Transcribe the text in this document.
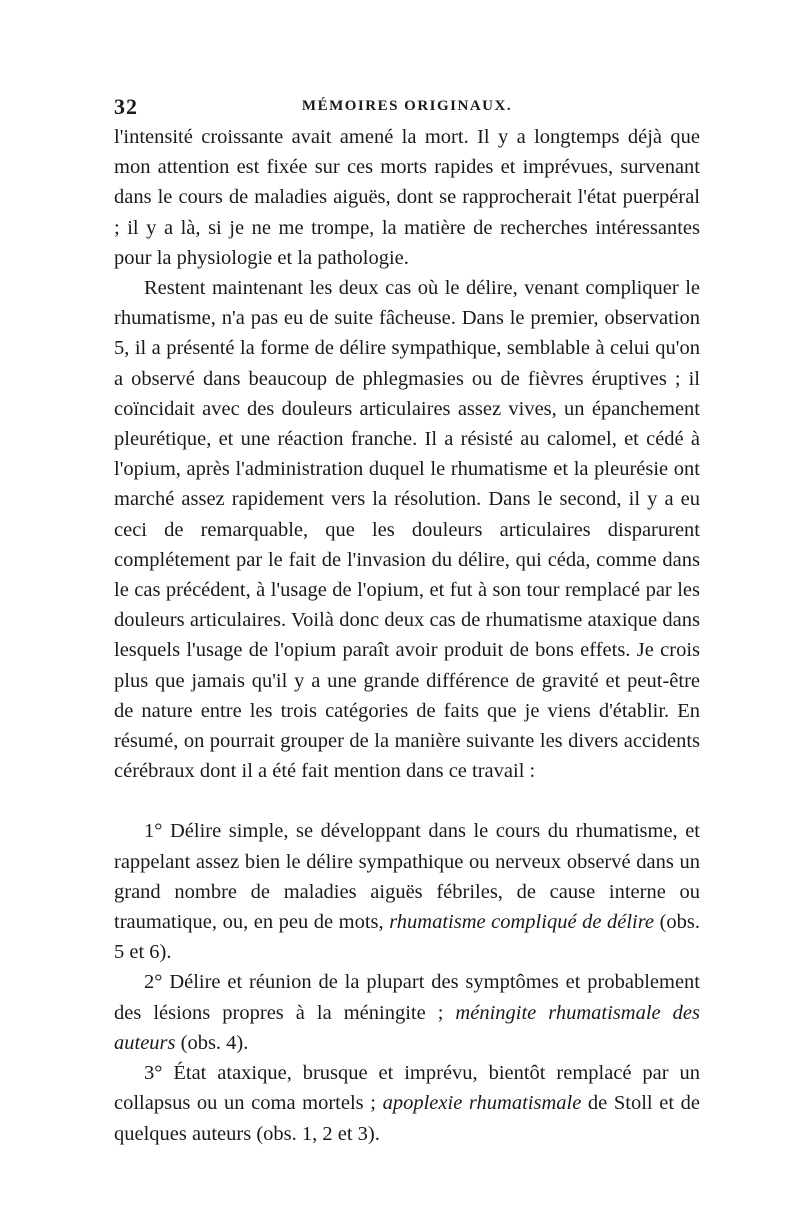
32	MÉMOIRES ORIGINAUX.

l'intensité croissante avait amené la mort. Il y a longtemps déjà que mon attention est fixée sur ces morts rapides et imprévues, survenant dans le cours de maladies aiguës, dont se rapprocherait l'état puerpéral ; il y a là, si je ne me trompe, la matière de recherches intéressantes pour la physiologie et la pathologie.

Restent maintenant les deux cas où le délire, venant compliquer le rhumatisme, n'a pas eu de suite fâcheuse. Dans le premier, observation 5, il a présenté la forme de délire sympathique, semblable à celui qu'on a observé dans beaucoup de phlegmasies ou de fièvres éruptives ; il coïncidait avec des douleurs articulaires assez vives, un épanchement pleurétique, et une réaction franche. Il a résisté au calomel, et cédé à l'opium, après l'administration duquel le rhumatisme et la pleurésie ont marché assez rapidement vers la résolution. Dans le second, il y a eu ceci de remarquable, que les douleurs articulaires disparurent complétement par le fait de l'invasion du délire, qui céda, comme dans le cas précédent, à l'usage de l'opium, et fut à son tour remplacé par les douleurs articulaires. Voilà donc deux cas de rhumatisme ataxique dans lesquels l'usage de l'opium paraît avoir produit de bons effets. Je crois plus que jamais qu'il y a une grande différence de gravité et peut-être de nature entre les trois catégories de faits que je viens d'établir. En résumé, on pourrait grouper de la manière suivante les divers accidents cérébraux dont il a été fait mention dans ce travail :

1° Délire simple, se développant dans le cours du rhumatisme, et rappelant assez bien le délire sympathique ou nerveux observé dans un grand nombre de maladies aiguës fébriles, de cause interne ou traumatique, ou, en peu de mots, rhumatisme compliqué de délire (obs. 5 et 6).

2° Délire et réunion de la plupart des symptômes et probablement des lésions propres à la méningite ; méningite rhumatismale des auteurs (obs. 4).

3° État ataxique, brusque et imprévu, bientôt remplacé par un collapsus ou un coma mortels ; apoplexie rhumatismale de Stoll et de quelques auteurs (obs. 1, 2 et 3).
